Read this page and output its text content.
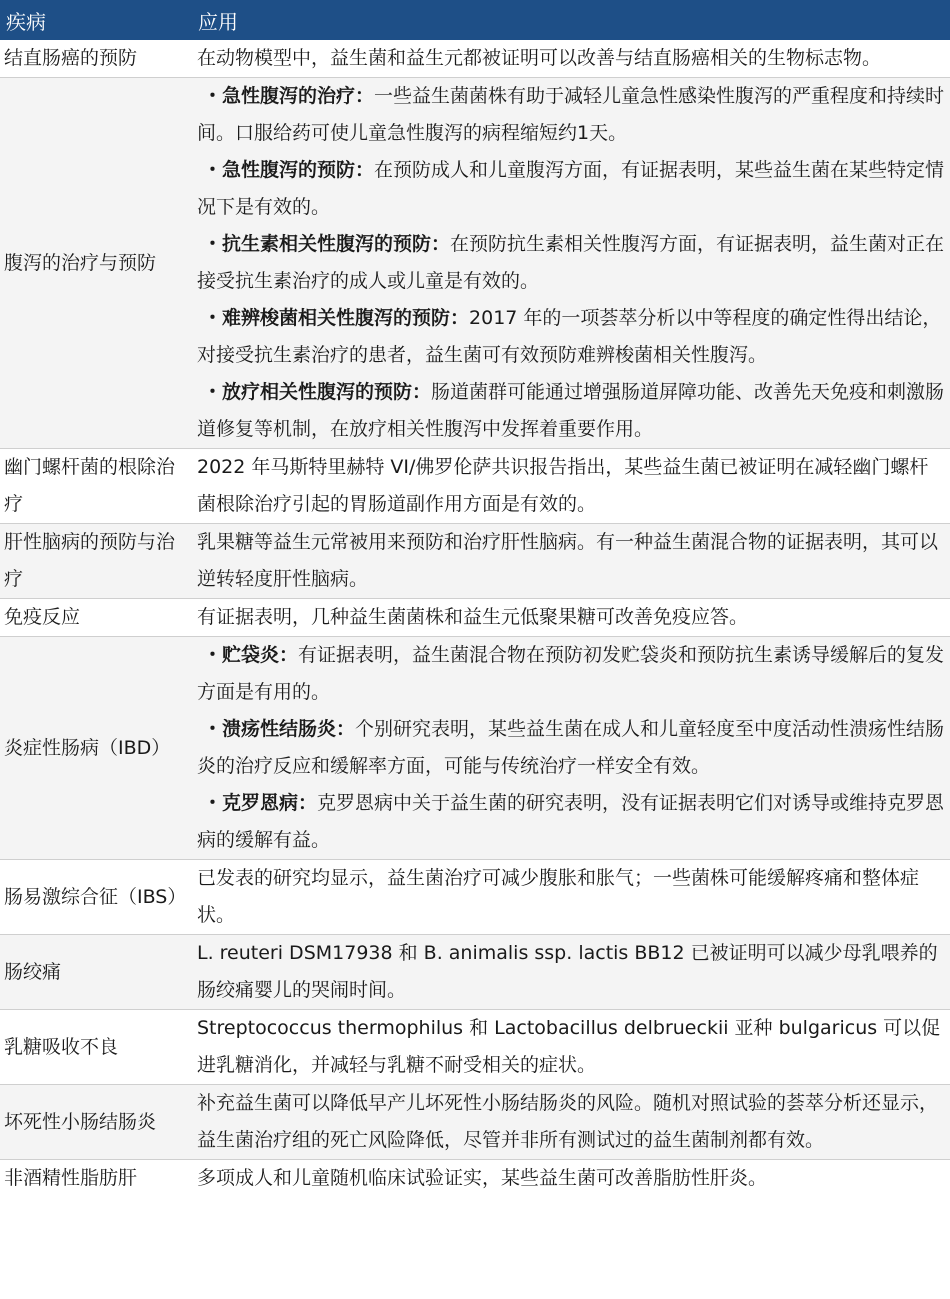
疾病	应用
结直肠癌的预防	在动物模型中，益生菌和益生元都被证明可以改善与结直肠癌相关的生物标志物。
腹泻的治疗与预防	・急性腹泻的治疗：一些益生菌菌株有助于减轻儿童急性感染性腹泻的严重程度和持续时间。口服给药可使儿童急性腹泻的病程缩短约1天。
・急性腹泻的预防：在预防成人和儿童腹泻方面，有证据表明，某些益生菌在某些特定情况下是有效的。
・抗生素相关性腹泻的预防：在预防抗生素相关性腹泻方面，有证据表明，益生菌对正在接受抗生素治疗的成人或儿童是有效的。
・难辨梭菌相关性腹泻的预防：2017 年的一项荟萃分析以中等程度的确定性得出结论，对接受抗生素治疗的患者，益生菌可有效预防难辨梭菌相关性腹泻。
・放疗相关性腹泻的预防：肠道菌群可能通过增强肠道屏障功能、改善先天免疫和刺激肠道修复等机制，在放疗相关性腹泻中发挥着重要作用。

幽门螺杆菌的根除治疗	2022 年马斯特里赫特 VI/佛罗伦萨共识报告指出，某些益生菌已被证明在减轻幽门螺杆菌根除治疗引起的胃肠道副作用方面是有效的。
肝性脑病的预防与治疗	乳果糖等益生元常被用来预防和治疗肝性脑病。有一种益生菌混合物的证据表明，其可以逆转轻度肝性脑病。
免疫反应	有证据表明，几种益生菌菌株和益生元低聚果糖可改善免疫应答。
炎症性肠病（IBD）	・贮袋炎：有证据表明，益生菌混合物在预防初发贮袋炎和预防抗生素诱导缓解后的复发方面是有用的。
・溃疡性结肠炎：个别研究表明，某些益生菌在成人和儿童轻度至中度活动性溃疡性结肠炎的治疗反应和缓解率方面，可能与传统治疗一样安全有效。
・克罗恩病：克罗恩病中关于益生菌的研究表明，没有证据表明它们对诱导或维持克罗恩病的缓解有益。

肠易激综合征（IBS）	已发表的研究均显示，益生菌治疗可减少腹胀和胀气；一些菌株可能缓解疼痛和整体症状。
肠绞痛	L. reuteri DSM17938 和 B. animalis ssp. lactis BB12 已被证明可以减少母乳喂养的肠绞痛婴儿的哭闹时间。
乳糖吸收不良	Streptococcus thermophilus 和 Lactobacillus delbrueckii 亚种 bulgaricus 可以促进乳糖消化，并减轻与乳糖不耐受相关的症状。
坏死性小肠结肠炎	补充益生菌可以降低早产儿坏死性小肠结肠炎的风险。随机对照试验的荟萃分析还显示，益生菌治疗组的死亡风险降低，尽管并非所有测试过的益生菌制剂都有效。
非酒精性脂肪肝	多项成人和儿童随机临床试验证实，某些益生菌可改善脂肪性肝炎。
